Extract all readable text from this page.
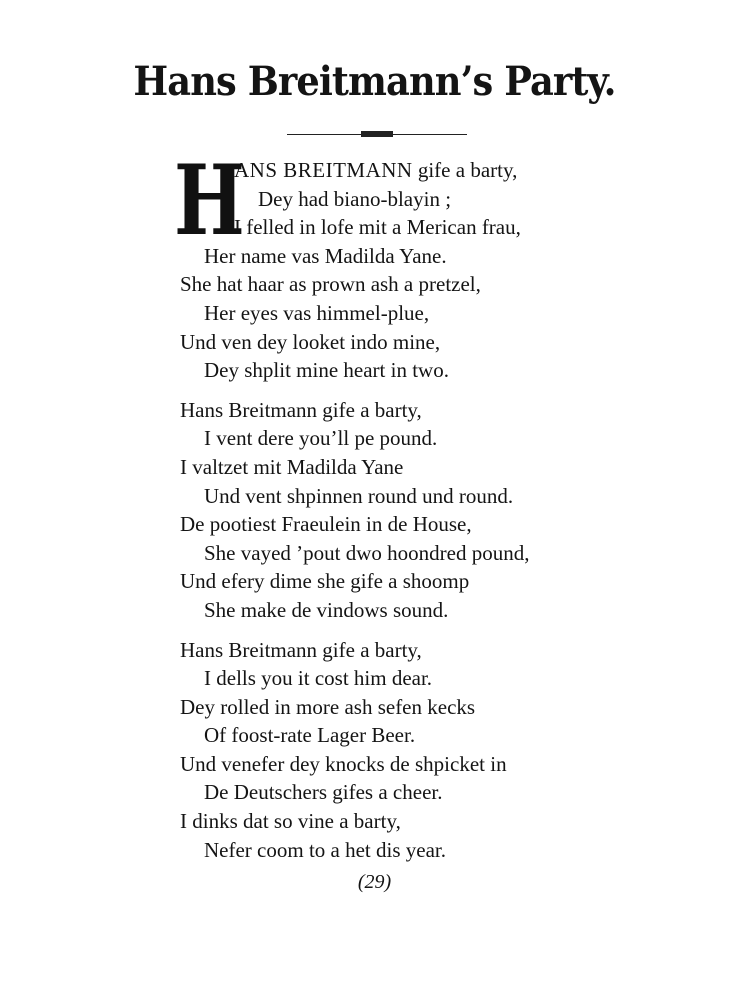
Hans Breitmann’s Party.
H
ANS BREITMANN gife a barty,
Dey had biano-blayin ;
I felled in lofe mit a Merican frau,
Her name vas Madilda Yane.
She hat haar as prown ash a pretzel,
Her eyes vas himmel-plue,
Und ven dey looket indo mine,
Dey shplit mine heart in two.
Hans Breitmann gife a barty,
I vent dere you’ll pe pound.
I valtzet mit Madilda Yane
Und vent shpinnen round und round.
De pootiest Fraeulein in de House,
She vayed ’pout dwo hoondred pound,
Und efery dime she gife a shoomp
She make de vindows sound.
Hans Breitmann gife a barty,
I dells you it cost him dear.
Dey rolled in more ash sefen kecks
Of foost-rate Lager Beer.
Und venefer dey knocks de shpicket in
De Deutschers gifes a cheer.
I dinks dat so vine a barty,
Nefer coom to a het dis year.
(29)
